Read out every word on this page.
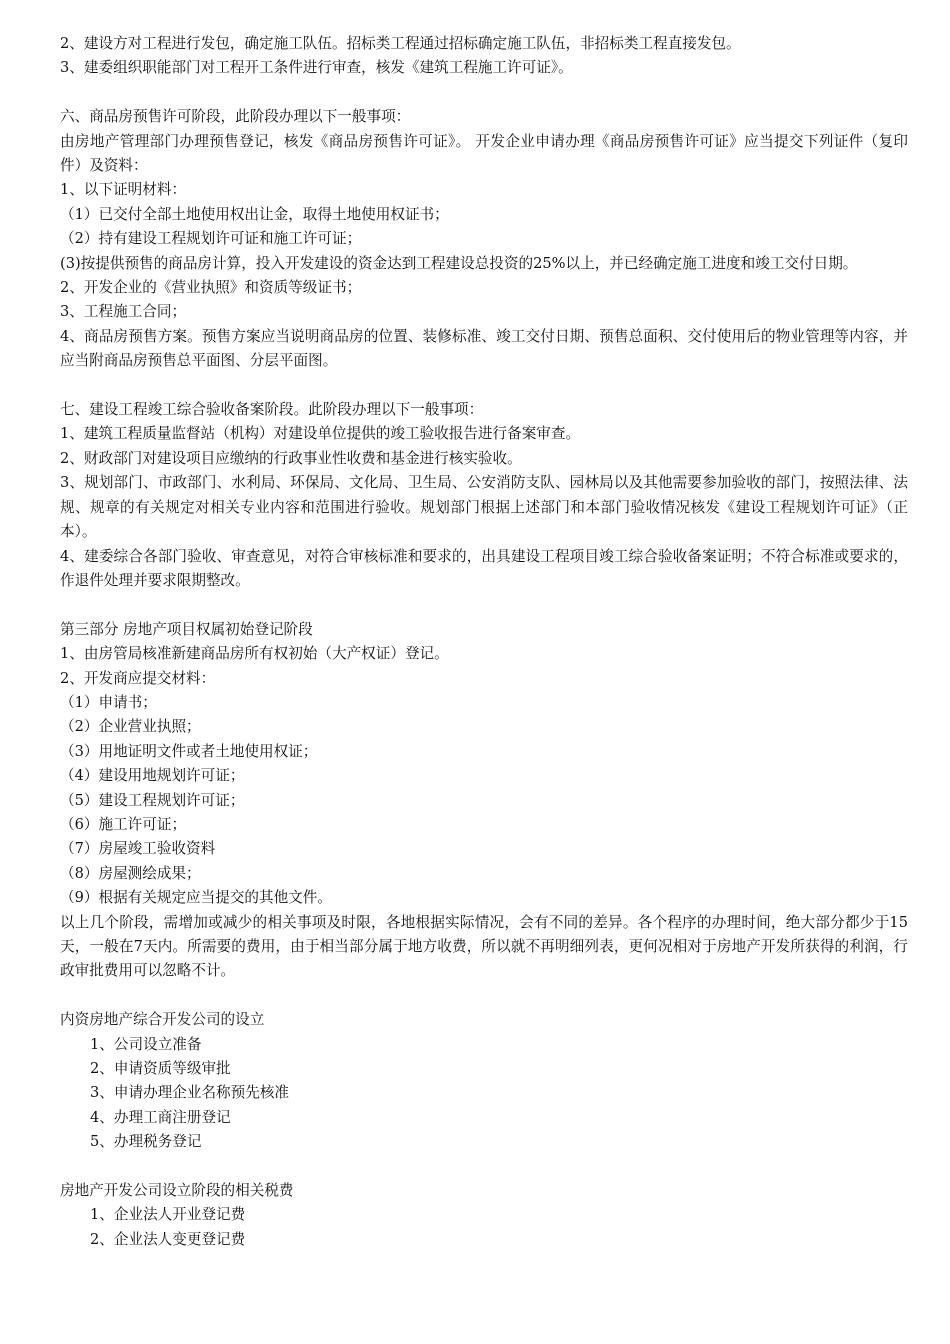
2、建设方对工程进行发包，确定施工队伍。招标类工程通过招标确定施工队伍，非招标类工程直接发包。

3、建委组织职能部门对工程开工条件进行审查，核发《建筑工程施工许可证》。

六、商品房预售许可阶段，此阶段办理以下一般事项：

由房地产管理部门办理预售登记，核发《商品房预售许可证》。 开发企业申请办理《商品房预售许可证》应当提交下列证件（复印件）及资料：

1、以下证明材料：

（1）已交付全部土地使用权出让金，取得土地使用权证书；

（2）持有建设工程规划许可证和施工许可证；

(3)按提供预售的商品房计算，投入开发建设的资金达到工程建设总投资的25%以上，并已经确定施工进度和竣工交付日期。

2、开发企业的《营业执照》和资质等级证书；

3、工程施工合同；

4、商品房预售方案。预售方案应当说明商品房的位置、装修标准、竣工交付日期、预售总面积、交付使用后的物业管理等内容，并应当附商品房预售总平面图、分层平面图。

七、建设工程竣工综合验收备案阶段。此阶段办理以下一般事项：

1、建筑工程质量监督站（机构）对建设单位提供的竣工验收报告进行备案审查。

2、财政部门对建设项目应缴纳的行政事业性收费和基金进行核实验收。

3、规划部门、市政部门、水利局、环保局、文化局、卫生局、公安消防支队、园林局以及其他需要参加验收的部门，按照法律、法规、规章的有关规定对相关专业内容和范围进行验收。规划部门根据上述部门和本部门验收情况核发《建设工程规划许可证》（正本）。

4、建委综合各部门验收、审查意见，对符合审核标准和要求的，出具建设工程项目竣工综合验收备案证明；不符合标准或要求的，作退件处理并要求限期整改。

第三部分 房地产项目权属初始登记阶段

1、由房管局核准新建商品房所有权初始（大产权证）登记。

2、开发商应提交材料：

（1）申请书；

（2）企业营业执照；

（3）用地证明文件或者土地使用权证；

（4）建设用地规划许可证；

（5）建设工程规划许可证；

（6）施工许可证；

（7）房屋竣工验收资料

（8）房屋测绘成果；

（9）根据有关规定应当提交的其他文件。

以上几个阶段，需增加或减少的相关事项及时限，各地根据实际情况，会有不同的差异。各个程序的办理时间，绝大部分都少于15天，一般在7天内。所需要的费用，由于相当部分属于地方收费，所以就不再明细列表，更何况相对于房地产开发所获得的利润，行政审批费用可以忽略不计。

内资房地产综合开发公司的设立

1、公司设立准备

2、申请资质等级审批

3、申请办理企业名称预先核准

4、办理工商注册登记

5、办理税务登记

房地产开发公司设立阶段的相关税费

1、企业法人开业登记费

2、企业法人变更登记费
